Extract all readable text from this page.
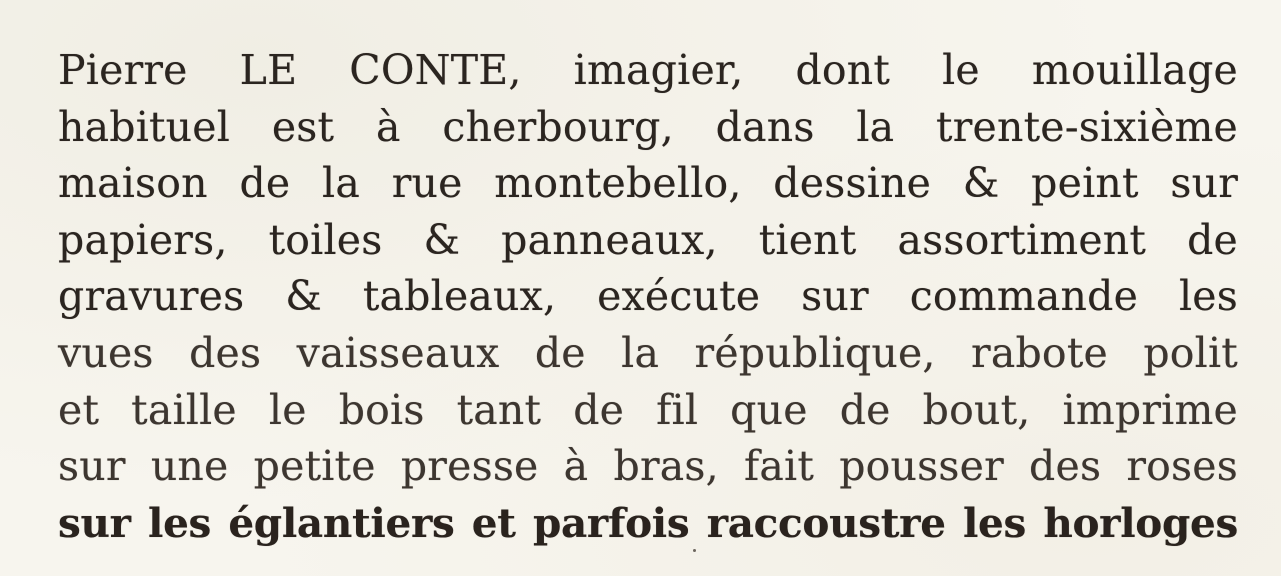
Pierre LE CONTE, imagier, dont le mouillage
habituel est à cherbourg, dans la trente-sixième
maison de la rue montebello, dessine & peint sur
papiers, toiles & panneaux, tient assortiment de
gravures & tableaux, exécute sur commande les
vues des vaisseaux de la république, rabote polit
et taille le bois tant de fil que de bout, imprime
sur une petite presse à bras, fait pousser des roses
sur les églantiers et parfois raccoustre les horloges
